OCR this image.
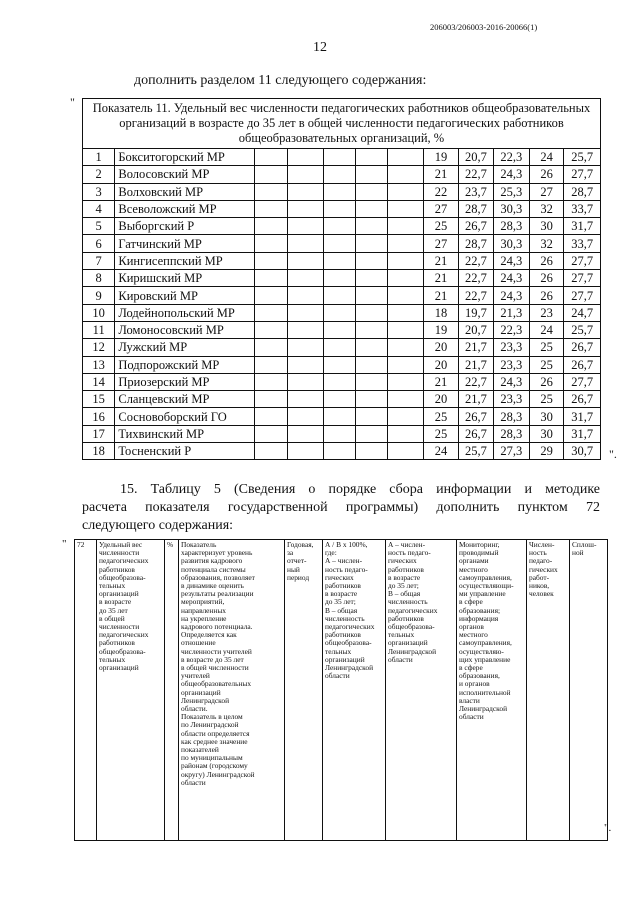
206003/206003-2016-20066(1)
12
дополнить разделом 11 следующего содержания:
" Показатель 11. Удельный вес численности педагогических работников общеобразовательных организаций в возрасте до 35 лет в общей численности педагогических работников общеобразовательных организаций, %											
1	Бокситогорский МР						19	20,7	22,3	24	25,7
2	Волосовский МР						21	22,7	24,3	26	27,7
3	Волховский МР						22	23,7	25,3	27	28,7
4	Всеволожский МР						27	28,7	30,3	32	33,7
5	Выборгский Р						25	26,7	28,3	30	31,7
6	Гатчинский МР						27	28,7	30,3	32	33,7
7	Кингисеппский МР						21	22,7	24,3	26	27,7
8	Киришский МР						21	22,7	24,3	26	27,7
9	Кировский МР						21	22,7	24,3	26	27,7
10	Лодейнопольский МР						18	19,7	21,3	23	24,7
11	Ломоносовский МР						19	20,7	22,3	24	25,7
12	Лужский МР						20	21,7	23,3	25	26,7
13	Подпорожский МР						20	21,7	23,3	25	26,7
14	Приозерский МР						21	22,7	24,3	26	27,7
15	Сланцевский МР						20	21,7	23,3	25	26,7
16	Сосновоборский ГО						25	26,7	28,3	30	31,7
17	Тихвинский МР						25	26,7	28,3	30	31,7
18	Тосненский Р						24	25,7	27,3	29	30,7 ".
15. Таблицу 5 (Сведения о порядке сбора информации и методике
расчета показателя государственной программы) дополнить пунктом 72
следующего содержания:
" 72	Удельный вес
численности
педагогических
работников
общеобразова-
тельных
организаций
в возрасте
до 35 лет
в общей
численности
педагогических
работников
общеобразова-
тельных
организаций	%	Показатель
характеризует уровень
развития кадрового
потенциала системы
образования, позволяет
в динамике оценить
результаты реализации
мероприятий,
направленных
на укрепление
кадрового потенциала.
Определяется как
отношение
численности учителей
в возрасте до 35 лет
в общей численности
учителей
общеобразовательных
организаций
Ленинградской
области.
Показатель в целом
по Ленинградской
области определяется
как среднее значение
показателей
по муниципальным
районам (городскому
округу) Ленинградской
области	Годовая,
за
отчет-
ный
период	А / В х 100%,
где:
А – числен-
ность педаго-
гических
работников
в возрасте
до 35 лет;
В – общая
численность
педагогических
работников
общеобразова-
тельных
организаций
Ленинградской
области	А – числен-
ность педаго-
гических
работников
в возрасте
до 35 лет;
В – общая
численность
педагогических
работников
общеобразова-
тельных
организаций
Ленинградской
области	Мониторинг,
проводимый
органами
местного
самоуправления,
осуществляющи-
ми управление
в сфере
образования;
информация
органов
местного
самоуправления,
осуществляю-
щих управление
в сфере
образования,
и органов
исполнительной
власти
Ленинградской
области	Числен-
ность
педаго-
гических
работ-
ников,
человек	Сплош-
ной
".
